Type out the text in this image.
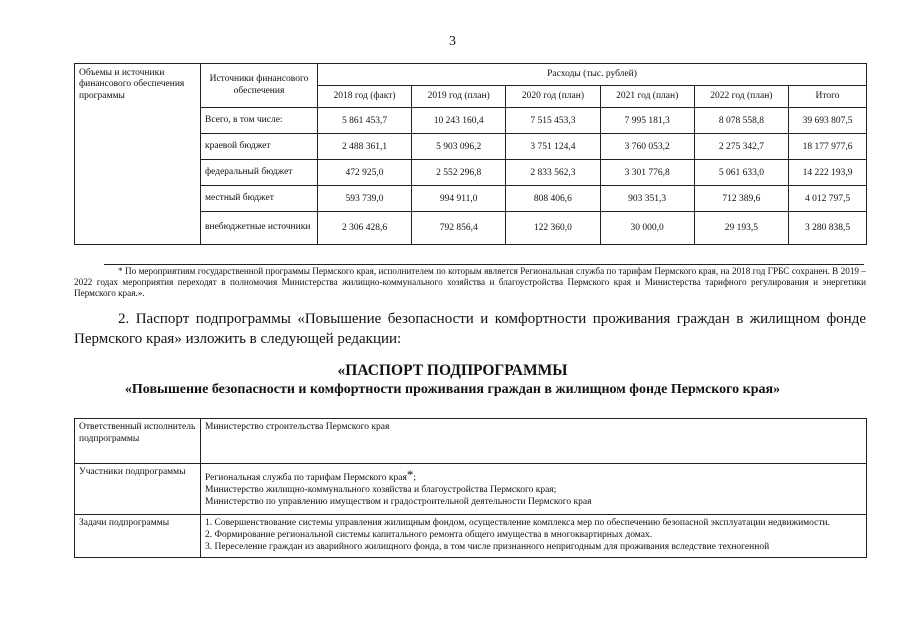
3
Объемы и источники финансового обеспечения программы	Источники финансового обеспечения	Расходы (тыс. рублей)					
		2018 год (факт)	2019 год (план)	2020 год (план)	2021 год (план)	2022 год (план)	Итого
	Всего, в том числе:	5 861 453,7	10 243 160,4	7 515 453,3	7 995 181,3	8 078 558,8	39 693 807,5
	краевой бюджет	2 488 361,1	5 903 096,2	3 751 124,4	3 760 053,2	2 275 342,7	18 177 977,6
	федеральный бюджет	472 925,0	2 552 296,8	2 833 562,3	3 301 776,8	5 061 633,0	14 222 193,9
	местный бюджет	593 739,0	994 911,0	808 406,6	903 351,3	712 389,6	4 012 797,5
	внебюджетные источники	2 306 428,6	792 856,4	122 360,0	30 000,0	29 193,5	3 280 838,5
* По мероприятиям государственной программы Пермского края, исполнителем по которым является Региональная служба по тарифам Пермского края, на 2018 год ГРБС сохранен. В 2019 – 2022 годах мероприятия переходят в полномочия Министерства жилищно-коммунального хозяйства и благоустройства Пермского края и Министерства тарифного регулирования и энергетики Пермского края.».
2. Паспорт подпрограммы «Повышение безопасности и комфортности проживания граждан в жилищном фонде Пермского края» изложить в следующей редакции:
«ПАСПОРТ ПОДПРОГРАММЫ
«Повышение безопасности и комфортности проживания граждан в жилищном фонде Пермского края»
Ответственный исполнитель подпрограммы	Министерство строительства Пермского края

Участники подпрограммы	Региональная служба по тарифам Пермского края*;
Министерство жилищно-коммунального хозяйства и благоустройства Пермского края;
Министерство по управлению имуществом и градостроительной деятельности Пермского края

Задачи подпрограммы	1. Совершенствование системы управления жилищным фондом, осуществление комплекса мер по обеспечению безопасной эксплуатации недвижимости.
2. Формирование региональной системы капитального ремонта общего имущества в многоквартирных домах.
3. Переселение граждан из аварийного жилищного фонда, в том числе признанного непригодным для проживания вследствие техногенной
